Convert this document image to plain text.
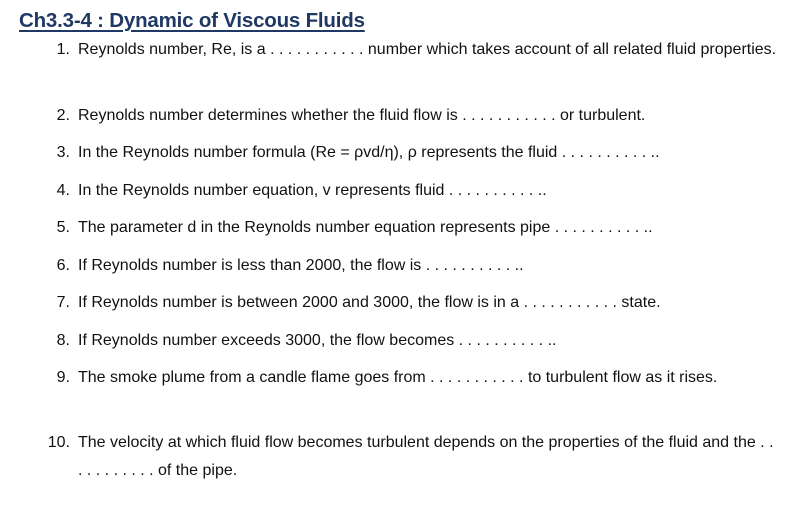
Ch3.3-4 : Dynamic of Viscous Fluids
1. Reynolds number, Re, is a . . . . . . . . . . . number which takes account of all related fluid properties.
2. Reynolds number determines whether the fluid flow is . . . . . . . . . . . or turbulent.
3. In the Reynolds number formula (Re = ρvd/η), ρ represents the fluid . . . . . . . . . . ..
4. In the Reynolds number equation, v represents fluid . . . . . . . . . . ..
5. The parameter d in the Reynolds number equation represents pipe . . . . . . . . . . ..
6. If Reynolds number is less than 2000, the flow is . . . . . . . . . . ..
7. If Reynolds number is between 2000 and 3000, the flow is in a . . . . . . . . . . . state.
8. If Reynolds number exceeds 3000, the flow becomes . . . . . . . . . . ..
9. The smoke plume from a candle flame goes from . . . . . . . . . . . to turbulent flow as it rises.
10. The velocity at which fluid flow becomes turbulent depends on the properties of the fluid and the . . . . . . . . . . . of the pipe.
